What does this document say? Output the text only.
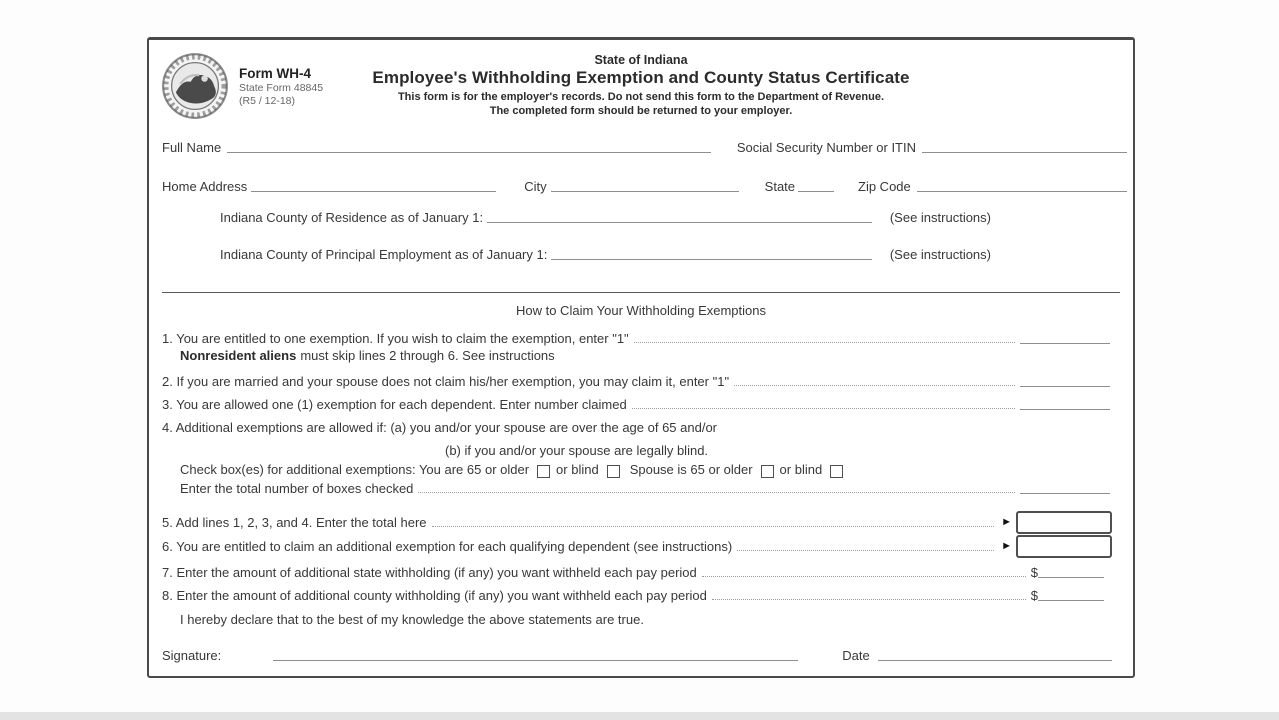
Form WH-4
State Form 48845
(R5 / 12-18)
State of Indiana
Employee's Withholding Exemption and County Status Certificate
This form is for the employer's records. Do not send this form to the Department of Revenue.
The completed form should be returned to your employer.
Full Name	Social Security Number or ITIN
Home Address	City	State	Zip Code
Indiana County of Residence as of January 1:	(See instructions)
Indiana County of Principal Employment as of January 1:	(See instructions)
How to Claim Your Withholding Exemptions
1. You are entitled to one exemption. If you wish to claim the exemption, enter "1"
Nonresident aliens must skip lines 2 through 6. See instructions
2. If you are married and your spouse does not claim his/her exemption, you may claim it, enter "1"
3. You are allowed one (1) exemption for each dependent. Enter number claimed
4. Additional exemptions are allowed if: (a) you and/or your spouse are over the age of 65 and/or
(b) if you and/or your spouse are legally blind.
Check box(es) for additional exemptions: You are 65 or older or blind Spouse is 65 or older or blind
Enter the total number of boxes checked
5. Add lines 1, 2, 3, and 4. Enter the total here	►
6. You are entitled to claim an additional exemption for each qualifying dependent (see instructions)	►
7. Enter the amount of additional state withholding (if any) you want withheld each pay period	$
8. Enter the amount of additional county withholding (if any) you want withheld each pay period	$
I hereby declare that to the best of my knowledge the above statements are true.
Signature:	Date
